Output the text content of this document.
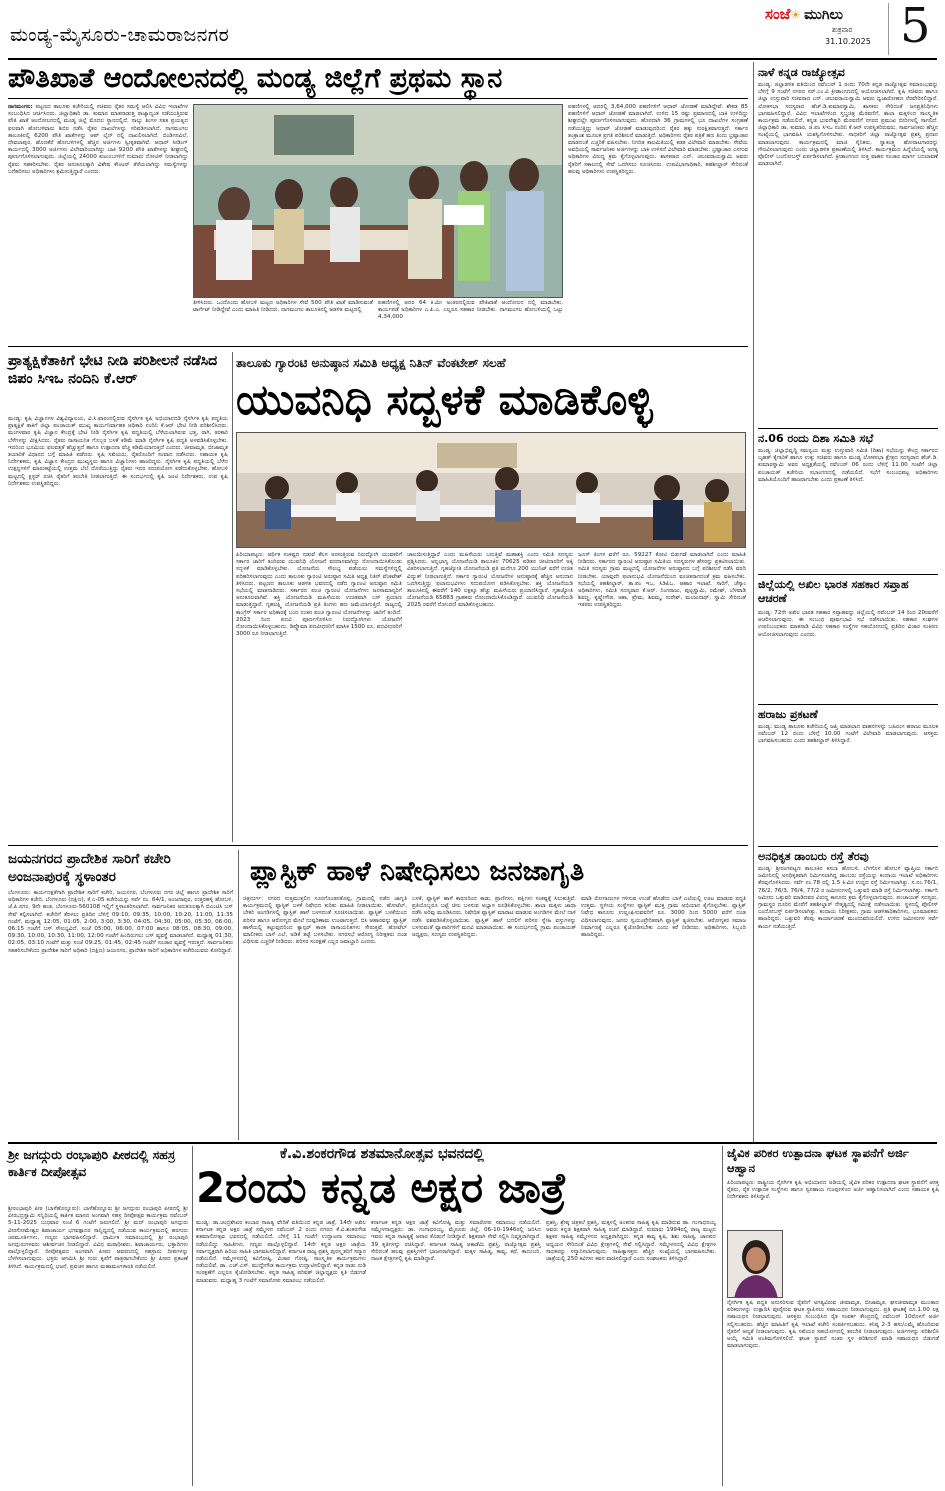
ಮಂಡ್ಯ-ಮೈಸೂರು-ಚಾಮರಾಜನಗರ
ಸಂಜೆ☀ ಮುಗಿಲು
ಶುಕ್ರವಾರ
31.10.2025 5
ಪೌತಿಖಾತೆ ಆಂದೋಲನದಲ್ಲಿ ಮಂಡ್ಯ ಜಿಲ್ಲೆಗೆ ಪ್ರಥಮ ಸ್ಥಾನ
ನಾಗಮಂಗಲ: ಪಟ್ಟಣದ ತಾಲೂಕು ಕಚೇರಿಯಲ್ಲಿ ಸಚಿವರು ರೈತರ ಸಮಸ್ಯೆ ಆಲಿಸಿ ವಿವಿಧ ಇಲಾಖೆಗಳ ಸಂಬಂಧಿಸಿದ ಚರ್ಚಿಸಿದರು. ಜಿಲ್ಲಾಧಿಕಾರಿ ಡಾ. ಕುಮಾರ ಮಾತನಾಡುತ್ತ ರಾಜ್ಯಾದ್ಯಂತ ನಡೆಯುತ್ತಿರುವ ಪೌತಿ ಖಾತೆ ಆಂದೋಲನದಲ್ಲಿ ಮಂಡ್ಯ ಜಿಲ್ಲೆ ಮೊದಲ ಸ್ಥಾನದಲ್ಲಿದೆ. ನಾಲ್ಕು ತಿಂಗಳ ಸತತ ಪ್ರಯತ್ನದ ಫಲವಾಗಿ ಹೋಬಳಿವಾರು ಶಿಬಿರ ನಡೆಸಿ ರೈತರ ದಾಖಲೆಗಳನ್ನು ಸರಿಪಡಿಸಲಾಗಿದೆ. ನಾಗಮಂಗಲ ತಾಲೂಕಿನಲ್ಲಿ 6200 ಪೌತಿ ಖಾತೆಗಳನ್ನು ಆಪ್ ಲೈನ್ ನಲ್ಲಿ ದಾಖಲಿಸಲಾಗಿದೆ. ಬಿಂಡಿಗನವಿಲೆ, ದೇವಲಾಪುರ, ಹೊಣಕೆರೆ ಹೋಬಳಿಗಳಲ್ಲಿ ಹೆಚ್ಚಿನ ಅರ್ಜಿಗಳು ಸ್ವೀಕೃತವಾಗಿವೆ. ಆಧಾರ್ ಸೀಡಿಂಗ್ ಕಾರ್ಯದಲ್ಲಿ 3000 ಅರ್ಜಿಗಳು ವಿಲೇವಾರಿಯಾಗಿದ್ದು ಬಾಕಿ 9200 ಪೌತಿ ಖಾತೆಗಳನ್ನು ಶೀಘ್ರದಲ್ಲಿ ಪೂರ್ಣಗೊಳಿಸಲಾಗುವುದು. ಜಿಲ್ಲೆಯಲ್ಲಿ 24000 ಕುಟುಂಬಗಳಿಗೆ ಸುಮಾರು ನೋಟಿಸ್ ನೀಡಲಾಗಿದ್ದು ರೈತರು ಸಹಕರಿಸಬೇಕು. ರೈತರ ಅನುಕೂಲಕ್ಕಾಗಿ ವಿಶೇಷ ಕೌಂಟರ್ ತೆರೆಯಲಾಗಿದ್ದು ಸಮಸ್ಯೆಗಳನ್ನು ಬಗೆಹರಿಸಲು ಅಧಿಕಾರಿಗಳು ಶ್ರಮಿಸುತ್ತಿದ್ದಾರೆ ಎಂದರು.
ತೀಳಿಸಿದರು. ಒಂದೊಂದು ಹೋಬಳಿ ಮಟ್ಟದ ಅಧಿಕಾರಿಗಳ ಸೇವೆ 500 ಪೌತಿ ಖಾತೆ ಮಾಡಿಸುವಂತೆ ಟಾರ್ಗೆಟ್ ನೀಡಿದ್ದೇವೆ ಎಂದು ಮಾಹಿತಿ ನೀಡಿದರು. ನಾಗಮಂಗಲ ತಾಲೂಕಿನಲ್ಲಿ ಆಡಳಿತ ಮಟ್ಟದಲ್ಲಿ
ಪಹಣಿಗಳಲ್ಲಿ ಆದರ 64 ಕಿ.ಮೀ ಅಂತರದಲ್ಲಿರುವ ಪೌತಿಖಾತೆ ಆಂದೋಲನ ದಲ್ಲಿ ಮಾಡಬೇಕು, ಕಾರ್ಯಪಡೆ ಅಧಿಕಾರಿಗಳ ಎ.ಪಿ.ಎ. ಎಲ್ಲರೂ ಸಹಕಾರ ನೀಡಬೇಕು. ನಾಗಮಂಗಲ ಹೋಬಳಿಯಲ್ಲಿ ಒಟ್ಟು 4,34,000
ಪಹಣಿಗಳಲ್ಲಿ ಆದರಲ್ಲಿ 3,64,000 ಪಹಣಿಗಳಿಗೆ ಆಧಾರ್ ಜೋಡಣೆ ಮಾಡಿದ್ದೇವೆ. ಶೇಕಡ 85 ಪಹಣಿಗಳಿಗೆ ಆಧಾರ್ ಜೋಡಣೆ ಮಾಡಲಾಗಿದೆ. ಉಳಿದ 15 ರಷ್ಟು ಪ್ರಮಾಣದಲ್ಲಿ ಬಾಕಿ ಉಳಿದಿದ್ದು ಶೀಘ್ರದಲ್ಲೇ ಪೂರ್ಣಗೊಳಿಸಲಾಗುವುದು. ಹೊಸದಾಗಿ 36 ಗ್ರಾಮಗಳಲ್ಲಿ ಭೂ ದಾಖಲೆಗಳ ಸಂಗ್ರಹಣೆ ನಡೆಯುತ್ತಿದ್ದು ಆಧಾರ್ ಜೋಡಣೆ ಮಾಡುವುದರಿಂದ ರೈತರ ಹಕ್ಕು ಸುರಕ್ಷಿತವಾಗುತ್ತದೆ. ಸರ್ಕಾರ ತಂತ್ರಾಂಶ ಮೂಲಕ ಪ್ರಗತಿ ಪರಿಶೀಲನೆ ಮಾಡುತ್ತಿದೆ. ಅಧಿಕಾರಿಗಳು ರೈತರ ಪತ್ರಿಕೆ ಹಣ ತಿಂದು ಭ್ರಷ್ಟಾಚಾರ ಮಾಡದಂತೆ ಎಚ್ಚರಿಕೆ ವಹಿಸಬೇಕು. ನಿಗದಿತ ಕಾಲಮಿತಿಯಲ್ಲಿ ಕಡತ ವಿಲೇವಾರಿ ಮಾಡಬೇಕು. ಸೇವೆಯ ಅವಧಿಯಲ್ಲಿ ಸಾರ್ವಜನಿಕರ ಅರ್ಜಿಗಳನ್ನು ಬಾಕಿ ಉಳಿಸದೆ ವಿಲೇವಾರಿ ಮಾಡಬೇಕು. ಭ್ರಷ್ಟಾಚಾರ ಎಸಗುವ ಅಧಿಕಾರಿಗಳ ವಿರುದ್ಧ ಕ್ರಮ ಕೈಗೊಳ್ಳಲಾಗುವುದು. ಶಾಸಕರಾದ ಎನ್. ಚಲುವರಾಯಸ್ವಾಮಿ ಅವರು ರೈತರಿಗೆ ಸಕಾಲದಲ್ಲಿ ಸೇವೆ ಒದಗಿಸಲು ಸೂಚಿಸಿದರು. ಉಪವಿಭಾಗಾಧಿಕಾರಿ, ತಹಶೀಲ್ದಾರ್ ಸೇರಿದಂತೆ ಹಲವು ಅಧಿಕಾರಿಗಳು ಉಪಸ್ಥಿತರಿದ್ದರು.
ನಾಳೆ ಕನ್ನಡ ರಾಜ್ಯೋತ್ಸವ
ಮಂಡ್ಯ: ಜಿಲ್ಲಾಡಳಿತ ವತಿಯಿಂದ ನವೆಂಬರ್ 1 ರಂದು 70ನೇ ಕನ್ನಡ ರಾಜ್ಯೋತ್ಸವ ಸಮಾರಂಭವನ್ನು ಬೆಳಿಗ್ಗೆ 9 ಗಂಟೆಗೆ ನಗರದ ಸರ್.ಎಂ.ವಿ ಕ್ರೀಡಾಂಗಣದಲ್ಲಿ ಆಯೋಜಿಸಲಾಗಿದೆ. ಕೃಷಿ ಸಚಿವರು ಹಾಗೂ ಜಿಲ್ಲಾ ಉಸ್ತುವಾರಿ ಸಚಿವರಾದ ಎನ್. ಚಲುವರಾಯಸ್ವಾಮಿ ಅವರು ಧ್ವಜಾರೋಹಣ ನೆರವೇರಿಸಲಿದ್ದಾರೆ. ಲೋಕಸಭಾ ಸದಸ್ಯರಾದ ಹೆಚ್.ಡಿ.ಕುಮಾರಸ್ವಾಮಿ, ಶಾಸಕರು ಸೇರಿದಂತೆ ಜನಪ್ರತಿನಿಧಿಗಳು ಭಾಗವಹಿಸಲಿದ್ದಾರೆ. ವಿವಿಧ ಇಲಾಖೆಗಳಿಂದ ಸ್ತಬ್ಧಚಿತ್ರ ಮೆರವಣಿಗೆ, ಶಾಲಾ ಮಕ್ಕಳಿಂದ ಸಾಂಸ್ಕೃತಿಕ ಕಾರ್ಯಕ್ರಮ ನಡೆಯಲಿದೆ. ಕನ್ನಡ ಭುವನೇಶ್ವರಿ ಮೆರವಣಿಗೆ ನಗರದ ಪ್ರಮುಖ ಬೀದಿಗಳಲ್ಲಿ ಸಾಗಲಿದೆ. ಜಿಲ್ಲಾಧಿಕಾರಿ ಡಾ. ಕುಮಾರ, ಜಿ.ಪಂ ಸಿಇಒ ನಂದಿನಿ ಕೆ.ಆರ್ ಉಪಸ್ಥಿತರಿರುವರು. ಸಾರ್ವಜನಿಕರು ಹೆಚ್ಚಿನ ಸಂಖ್ಯೆಯಲ್ಲಿ ಭಾಗವಹಿಸಿ ಯಶಸ್ವಿಗೊಳಿಸಬೇಕು. ಸಾಧಕರಿಗೆ ಜಿಲ್ಲಾ ರಾಜ್ಯೋತ್ಸವ ಪ್ರಶಸ್ತಿ ಪ್ರದಾನ ಮಾಡಲಾಗುವುದು. ಕಾರ್ಯಕ್ರಮದಲ್ಲಿ ಮಾಜಿ ಸೈನಿಕರು, ಸ್ವಾತಂತ್ರ್ಯ ಹೋರಾಟಗಾರರನ್ನು ಗೌರವಿಸಲಾಗುವುದು ಎಂದು ಜಿಲ್ಲಾಡಳಿತ ಪ್ರಕಟಣೆಯಲ್ಲಿ ತಿಳಿಸಿದೆ. ಕಾರ್ಯಕ್ರಮದ ಹಿನ್ನೆಲೆಯಲ್ಲಿ ಅಗತ್ಯ ಪೊಲೀಸ್ ಬಂದೋಬಸ್ತ್ ಏರ್ಪಡಿಸಲಾಗಿದೆ. ಕ್ರೀಡಾಂಗಣದ ಸುತ್ತ ವಾಹನ ಸಂಚಾರ ಮಾರ್ಗ ಬದಲಾವಣೆ ಮಾಡಲಾಗಿದೆ.
ನ.06 ರಂದು ದಿಶಾ ಸಮಿತಿ ಸಭೆ
ಮಂಡ್ಯ: ಜಿಲ್ಲಾಭಿವೃದ್ಧಿ ಸಮನ್ವಯ ಮತ್ತು ಉಸ್ತುವಾರಿ ಸಮಿತಿ (ದಿಶಾ) ಸಭೆಯನ್ನು ಕೇಂದ್ರ ಸರ್ಕಾರದ ಬೃಹತ್ ಕೈಗಾರಿಕೆ ಹಾಗೂ ಉಕ್ಕು ಸಚಿವರು ಹಾಗೂ ಮಂಡ್ಯ ಲೋಕಸಭಾ ಕ್ಷೇತ್ರದ ಸದಸ್ಯರಾದ ಹೆಚ್.ಡಿ. ಕುಮಾರಸ್ವಾಮಿ ಅವರ ಅಧ್ಯಕ್ಷತೆಯಲ್ಲಿ ನವೆಂಬರ್ 06 ರಂದು ಬೆಳಿಗ್ಗೆ 11.00 ಗಂಟೆಗೆ ಜಿಲ್ಲಾ ಪಂಚಾಯತ್ ಕಚೇರಿಯ ಸಭಾಂಗಣದಲ್ಲಿ ನಡೆಯಲಿದೆ. ಸಭೆಗೆ ಸಂಬಂಧಪಟ್ಟ ಅಧಿಕಾರಿಗಳು ಮಾಹಿತಿಯೊಂದಿಗೆ ಹಾಜರಾಗಬೇಕು ಎಂದು ಪ್ರಕಟಣೆ ತಿಳಿಸಿದೆ.
ಜಿಲ್ಲೆಯಲ್ಲಿ ಅಖಿಲ ಭಾರತ ಸಹಕಾರ ಸಪ್ತಾಹ ಆಚರಣೆ
ಮಂಡ್ಯ: 72ನೇ ಅಖಿಲ ಭಾರತ ಸಹಕಾರ ಸಪ್ತಾಹವನ್ನು ಜಿಲ್ಲೆಯಲ್ಲಿ ನವೆಂಬರ್ 14 ರಿಂದ 20ರವರೆಗೆ ಆಚರಿಸಲಾಗುವುದು. ಈ ಸಂಬಂಧ ಪೂರ್ವಭಾವಿ ಸಭೆ ನಡೆಸಲಾಯಿತು. ಸಹಕಾರ ಸಂಘಗಳ ಉಪನಿಬಂಧಕರು ಮಾತನಾಡಿ ವಿವಿಧ ಸಹಕಾರ ಸಂಸ್ಥೆಗಳ ಸಹಯೋಗದಲ್ಲಿ ಪ್ರತಿದಿನ ವಿಚಾರ ಸಂಕಿರಣ ಆಯೋಜಿಸಲಾಗುವುದು ಎಂದರು.
ಹರಾಜು ಪ್ರಕಟಣೆ
ಮಂಡ್ಯ: ಮಂಡ್ಯ ತಾಲೂಕು ಕಚೇರಿಯಲ್ಲಿ ಜಪ್ತಿ ಮಾಡಲಾದ ವಾಹನಗಳನ್ನು ಬಹಿರಂಗ ಹರಾಜು ಮೂಲಕ ನವೆಂಬರ್ 12 ರಂದು ಬೆಳಿಗ್ಗೆ 10.00 ಗಂಟೆಗೆ ವಿಲೇವಾರಿ ಮಾಡಲಾಗುವುದು. ಆಸಕ್ತರು ಭಾಗವಹಿಸಬಹುದು ಎಂದು ತಹಶೀಲ್ದಾರ್ ತಿಳಿಸಿದ್ದಾರೆ.
ಅನಧಿಕೃತ ಡಾಂಬರು ರಸ್ತೆ ತೆರವು
ಮಂಡ್ಯ: ಶ್ರೀರಂಗಪಟ್ಟಣ ತಾಲೂಕಿನ ಕಸಬಾ ಹೋಬಳಿ, ಬೆಳಗೊಳ ಹೋಬಳಿ ವ್ಯಾಪ್ತಿಯ ಸರ್ಕಾರಿ ಜಮೀನಿನಲ್ಲಿ ಅನಧಿಕೃತವಾಗಿ ನಿರ್ಮಿಸಲಾಗಿದ್ದ ಡಾಂಬರು ರಸ್ತೆಯನ್ನು ಕಂದಾಯ ಇಲಾಖೆ ಅಧಿಕಾರಿಗಳು ತೆರವುಗೊಳಿಸಿದರು. ಸರ್ವೆ ನಂ.78 ರಲ್ಲಿ 1.5 ಕಿ.ಮೀ ಉದ್ದದ ರಸ್ತೆ ನಿರ್ಮಿಸಲಾಗಿತ್ತು. ಸ.ನಂ.76/1, 76/2, 76/3, 76/4, 77/2 ರ ಜಮೀನುಗಳಲ್ಲಿ ಒತ್ತುವರಿ ಮಾಡಿ ರಸ್ತೆ ನಿರ್ಮಿಸಲಾಗಿತ್ತು. ಸರ್ಕಾರಿ ಜಮೀನು ಒತ್ತುವರಿ ಮಾಡಿದವರ ವಿರುದ್ಧ ಕಾನೂನು ಕ್ರಮ ಕೈಗೊಳ್ಳಲಾಗುವುದು. ಪಂಚಾಯತ್ ಸದಸ್ಯರು, ಗ್ರಾಮಸ್ಥರ ದೂರಿನ ಮೇರೆಗೆ ತಹಶೀಲ್ದಾರ್ ನೇತೃತ್ವದಲ್ಲಿ ಸಮೀಕ್ಷೆ ನಡೆಸಲಾಯಿತು. ಸ್ಥಳದಲ್ಲಿ ಪೊಲೀಸ್ ಬಂದೋಬಸ್ತ್ ಏರ್ಪಡಿಸಲಾಗಿತ್ತು. ಕಂದಾಯ ನಿರೀಕ್ಷಕರು, ಗ್ರಾಮ ಆಡಳಿತಾಧಿಕಾರಿಗಳು, ಭೂಮಾಪಕರು ಹಾಜರಿದ್ದರು. ಒತ್ತುವರಿ ತೆರವು ಕಾರ್ಯಾಚರಣೆ ಮುಂದುವರಿಯಲಿದೆ. ಉಳಿದ ಜಮೀನುಗಳ ಸರ್ವೆ ಕಾರ್ಯ ನಡೆಯುತ್ತಿದೆ.
ಪ್ರಾತ್ಯಕ್ಷಿಕೆತಾಕಿಗೆ ಭೇಟಿ ನೀಡಿ ಪರಿಶೀಲನೆ ನಡೆಸಿದ ಜಿಪಂ ಸಿಇಒ ನಂದಿನಿ ಕೆ.ಆರ್
ಮಂಡ್ಯ: ಕೃಷಿ ವಿಜ್ಞಾನಗಳ ವಿಶ್ವವಿದ್ಯಾಲಯ, ವಿ.ಸಿ.ಫಾರಂನಲ್ಲಿರುವ ನೈಸರ್ಗಿಕ ಕೃಷಿ ಅಭಿಯಾನದಡಿ ನೈಸರ್ಗಿಕ ಕೃಷಿ ಪದ್ಧತಿಯ ಪ್ರಾತ್ಯಕ್ಷಿಕೆ ತಾಕಿಗೆ ಜಿಲ್ಲಾ ಪಂಚಾಯತ್ ಮುಖ್ಯ ಕಾರ್ಯನಿರ್ವಾಹಕ ಅಧಿಕಾರಿ ನಂದಿನಿ ಕೆ.ಆರ್ ಭೇಟಿ ನೀಡಿ ಪರಿಶೀಲಿಸಿದರು. ಮಂಗಳವಾರ ಕೃಷಿ ವಿಜ್ಞಾನ ಕೇಂದ್ರಕ್ಕೆ ಭೇಟಿ ನೀಡಿ ನೈಸರ್ಗಿಕ ಕೃಷಿ ಪದ್ಧತಿಯಲ್ಲಿ ಬೆಳೆಯಲಾಗಿರುವ ಭತ್ತ, ರಾಗಿ, ತರಕಾರಿ ಬೆಳೆಗಳನ್ನು ವೀಕ್ಷಿಸಿದರು. ರೈತರು ರಾಸಾಯನಿಕ ಗೊಬ್ಬರ ಬಳಕೆ ಕಡಿಮೆ ಮಾಡಿ ನೈಸರ್ಗಿಕ ಕೃಷಿ ಪದ್ಧತಿ ಅಳವಡಿಸಿಕೊಳ್ಳಬೇಕು. ಇದರಿಂದ ಭೂಮಿಯ ಫಲವತ್ತತೆ ಹೆಚ್ಚುತ್ತದೆ ಹಾಗೂ ಉತ್ಪಾದನಾ ವೆಚ್ಚ ಕಡಿಮೆಯಾಗುತ್ತದೆ ಎಂದರು. ಜೀವಾಮೃತ, ಬೀಜಾಮೃತ ತಯಾರಿಕೆ ವಿಧಾನದ ಬಗ್ಗೆ ಮಾಹಿತಿ ಪಡೆದರು. ಕೃಷಿ ಸಖಿಯರು, ರೈತರೊಂದಿಗೆ ಸಂವಾದ ನಡೆಸಿದರು. ಸಹಾಯಕ ಕೃಷಿ ನಿರ್ದೇಶಕರು, ಕೃಷಿ ವಿಜ್ಞಾನ ಕೇಂದ್ರದ ಮುಖ್ಯಸ್ಥರು ಹಾಗೂ ವಿಜ್ಞಾನಿಗಳು ಹಾಜರಿದ್ದರು. ನೈಸರ್ಗಿಕ ಕೃಷಿ ಪದ್ಧತಿಯಲ್ಲಿ ಬೆಳೆದ ಉತ್ಪನ್ನಗಳಿಗೆ ಮಾರುಕಟ್ಟೆಯಲ್ಲಿ ಉತ್ತಮ ಬೆಲೆ ದೊರೆಯುತ್ತಿದ್ದು ರೈತರು ಇದರ ಸದುಪಯೋಗ ಪಡೆದುಕೊಳ್ಳಬೇಕು. ಹೋಬಳಿ ಮಟ್ಟದಲ್ಲಿ ಕ್ಲಸ್ಟರ್ ರಚಿಸಿ ರೈತರಿಗೆ ತರಬೇತಿ ನೀಡಲಾಗುತ್ತಿದೆ. ಈ ಸಂದರ್ಭದಲ್ಲಿ ಕೃಷಿ ಜಂಟಿ ನಿರ್ದೇಶಕರು, ಉಪ ಕೃಷಿ ನಿರ್ದೇಶಕರು ಉಪಸ್ಥಿತರಿದ್ದರು.
ತಾಲೂಕು ಗ್ಯಾರಂಟಿ ಅನುಷ್ಠಾನ ಸಮಿತಿ ಅಧ್ಯಕ್ಷ ನಿತಿನ್ ವೆಂಕಟೇಶ್ ಸಲಹೆ
ಯುವನಿಧಿ ಸದ್ಬಳಕೆ ಮಾಡಿಕೊಳ್ಳಿ
ಪಿರಿಯಾಪಟ್ಟಣ: ಆರ್ಥಿಕ ಸಂಕಷ್ಟದ ನಡುವೆ ಕೆಲಸ ಅರಸುತ್ತಿರುವ ನಿರುದ್ಯೋಗಿ ಯುವಕರಿಗೆ ಸರ್ಕಾರ ಜಾರಿಗೆ ತಂದಿರುವ ಯುವನಿಧಿ ಯೋಜನೆ ವರದಾನವಾಗಿದ್ದು ನೋಂದಾಯಿಸಿಕೊಂಡು ಸದ್ಬಳಕೆ ಮಾಡಿಕೊಳ್ಳಬೇಕು. ಯೋಜನೆಯ ಸೌಲಭ್ಯ ಪಡೆಯಲು ಸಮಸ್ಯೆಗಳಿದ್ದಲ್ಲಿ ಪರಿಹರಿಸಲಾಗುವುದು ಎಂದು ತಾಲೂಕು ಗ್ಯಾರಂಟಿ ಅನುಷ್ಠಾನ ಸಮಿತಿ ಅಧ್ಯಕ್ಷ ನಿತಿನ್ ವೆಂಕಟೇಶ್ ತಿಳಿಸಿದರು. ಪಟ್ಟಣದ ತಾಲೂಕು ಆಡಳಿತ ಭವನದಲ್ಲಿ ನಡೆದ ಗ್ಯಾರಂಟಿ ಅನುಷ್ಠಾನ ಸಮಿತಿ ಸಭೆಯಲ್ಲಿ ಮಾತನಾಡಿದರು. ಸರ್ಕಾರದ ಪಂಚ ಗ್ಯಾರಂಟಿ ಯೋಜನೆಗಳು ಜನಸಾಮಾನ್ಯರಿಗೆ ಅನುಕೂಲವಾಗಿವೆ. ಶಕ್ತಿ ಯೋಜನೆಯಡಿ ಮಹಿಳೆಯರು ಉಚಿತವಾಗಿ ಬಸ್ ಪ್ರಯಾಣ ಮಾಡುತ್ತಿದ್ದಾರೆ. ಗೃಹಲಕ್ಷ್ಮಿ ಯೋಜನೆಯಡಿ ಪ್ರತಿ ತಿಂಗಳು ಹಣ ಜಮೆಯಾಗುತ್ತಿದೆ. ರಾಜ್ಯದಲ್ಲಿ ಕಾಂಗ್ರೆಸ್ ಸರ್ಕಾರ ಅಧಿಕಾರಕ್ಕೆ ಬಂದ ನಂತರ ಪಂಚ ಗ್ಯಾರಂಟಿ ಯೋಜನೆಗಳನ್ನು ಜಾರಿಗೆ ತಂದಿದೆ. 2023 ರಿಂದ ಪದವಿ ಪೂರ್ಣಗೊಳಿಸಿದ ನಿರುದ್ಯೋಗಿಗಳು ಯೋಜನೆಗೆ ನೋಂದಾಯಿಸಿಕೊಳ್ಳಬಹುದು. ಡಿಪ್ಲೊಮಾ ಪದವೀಧರರಿಗೆ ಮಾಸಿಕ 1500 ರೂ, ಪದವೀಧರರಿಗೆ 3000 ರೂ ನೀಡಲಾಗುತ್ತಿದೆ.
ಚಾಲಯಿಸುತ್ತಿದ್ದಾರೆ ಎಂದು ಮಹಿಳೆಯರು ಬರುತ್ತಿವೆ ಮಹಾಶಕ್ತಿ ಎಂದು ಸಮಿತಿ ಸದಸ್ಯರು ಪ್ರಶ್ನಿಸಿದರು. ಅನ್ನಭಾಗ್ಯ ಯೋಜನೆಯಡಿ ತಾಲೂಕಿನ 70625 ಪಡಿತರ ಚೀಟಿದಾರರಿಗೆ ಅಕ್ಕಿ ವಿತರಿಸಲಾಗುತ್ತಿದೆ. ಗೃಹಜ್ಯೋತಿ ಯೋಜನೆಯಡಿ ಪ್ರತಿ ಮನೆಗೂ 200 ಯುನಿಟ್ ವರೆಗೆ ಉಚಿತ ವಿದ್ಯುತ್ ನೀಡಲಾಗುತ್ತಿದೆ. ಸರ್ಕಾರ ಗ್ಯಾರಂಟಿ ಯೋಜನೆಗಳ ಅನುಷ್ಠಾನಕ್ಕೆ ಹೆಚ್ಚಿನ ಅನುದಾನ ಒದಗಿಸುತ್ತಿದ್ದು ಫಲಾನುಭವಿಗಳು ಸದುಪಯೋಗ ಪಡಿಸಿಕೊಳ್ಳಬೇಕು. ಶಕ್ತಿ ಯೋಜನೆಯಡಿ ತಾಲೂಕಿನಲ್ಲಿ ಈವರೆಗೆ 140 ಲಕ್ಷಕ್ಕೂ ಹೆಚ್ಚು ಮಹಿಳೆಯರು ಪ್ರಯಾಣಿಸಿದ್ದಾರೆ. ಗೃಹಜ್ಯೋತಿ ಯೋಜನೆಯಡಿ 65883 ಗ್ರಾಹಕರು ನೋಂದಾಯಿಸಿಕೊಂಡಿದ್ದಾರೆ. ಯುವನಿಧಿ ಯೋಜನೆಯಡಿ 2025 ರವರೆಗೆ ನೋಂದಣಿ ಮಾಡಿಕೊಳ್ಳಬಹುದು.
ಜೂನ್ ತಿಂಗಳ ವರೆಗೆ ರೂ. 59227 ಕೋಟಿ ಬಿಡುಗಡೆ ಮಾಡಲಾಗಿದೆ ಎಂದು ಮಾಹಿತಿ ನೀಡಿದರು. ಸರ್ಕಾರದ ಗ್ಯಾರಂಟಿ ಅನುಷ್ಠಾನ ಸಮಿತಿಯ ಸದಸ್ಯರುಗಳ ಹೆಸರನ್ನು ಪ್ರಕಟಿಸಲಾಯಿತು. ಸಮಿತಿ ಸದಸ್ಯರು ಗ್ರಾಮ ಮಟ್ಟದಲ್ಲಿ ಯೋಜನೆಗಳ ಅನುಷ್ಠಾನದ ಬಗ್ಗೆ ಪರಿಶೀಲನೆ ನಡೆಸಿ ವರದಿ ನೀಡಬೇಕು. ಯಾವುದೇ ಫಲಾನುಭವಿ ಯೋಜನೆಯಿಂದ ವಂಚಿತರಾಗದಂತೆ ಕ್ರಮ ವಹಿಸಬೇಕು. ಸಭೆಯಲ್ಲಿ ತಹಶೀಲ್ದಾರ್, ತಾ.ಪಂ ಇಒ, ಸಿಡಿಪಿಒ, ಆಹಾರ ಇಲಾಖೆ, ಸಾರಿಗೆ, ಚೆಸ್ಕಾಂ ಅಧಿಕಾರಿಗಳು, ಸಮಿತಿ ಸದಸ್ಯರಾದ ಕೆ.ಆರ್. ನಿಂಗರಾಜು, ಪುಟ್ಟಸ್ವಾಮಿ, ರಮೇಶ್, ಬೆಳವಾಡಿ ಶಿವಣ್ಣ, ಕೃಷ್ಣೇಗೌಡ, ಆಶಾ, ಪ್ರೇಮ, ಶಿವಮ್ಮ, ಸುರೇಶ್, ಮಂಜುನಾಥ್, ಸ್ವಾಮಿ ಸೇರಿದಂತೆ ಇತರರು ಉಪಸ್ಥಿತರಿದ್ದರು.
ಜಯನಗರದ ಪ್ರಾದೇಶಿಕ ಸಾರಿಗೆ ಕಚೇರಿ ಅಂಜನಾಪುರಕ್ಕೆ ಸ್ಥಳಾಂತರ
ಬೆಂಗಳೂರು: ಕಾರ್ಯದಕ್ಷತೆಗಾಗಿ ಪ್ರಾದೇಶಿಕ ಸಾರಿಗೆ ಕಚೇರಿ, ಜಯನಗರ, ಬೆಂಗಳೂರು ನಗರ ಜಿಲ್ಲೆ ಹಾಗೂ ಪ್ರಾದೇಶಿಕ ಸಾರಿಗೆ ಅಧಿಕಾರಿಗಳ ಕಚೇರಿ, ಬೆಂಗಳೂರು (ದಕ್ಷಿಣ), ಕೆ.ಎ-05 ಕಚೇರಿಯನ್ನು ಸರ್ವೆ ನಂ. 64/1, ಅಂಜನಾಪುರ, ಉತ್ತರಹಳ್ಳಿ ಹೋಬಳಿ, ಜೆ.ಪಿ.ನಗರ, 9ನೇ ಹಂತ, ಬೆಂಗಳೂರು-560108 ಇಲ್ಲಿಗೆ ಸ್ಥಳಾಂತರಿಸಲಾಗಿದೆ. ಸಾರ್ವಜನಿಕರ ಅನುಕೂಲಕ್ಕಾಗಿ ಬಿಎಂಟಿಸಿ ಬಸ್ ಸೇವೆ ಕಲ್ಪಿಸಲಾಗಿದೆ. ಕಚೇರಿಗೆ ತೆರಳಲು ಪ್ರತಿದಿನ ಬೆಳಿಗ್ಗೆ 09:10, 09:35, 10:00, 10:20, 11:00, 11:35 ಗಂಟೆಗೆ, ಮಧ್ಯಾಹ್ನ 12:05, 01:05, 2:00, 3:00, 3:30, 04:05, 04:30, 05:00, 05:30, 06:00, 06:15 ಗಂಟೆಗೆ ಬಸ್ ಸೌಲಭ್ಯವಿದೆ. ಸಂಜೆ 05:00, 06:00, 07:00 ಹಾಗೂ 08:05, 08:30, 09:00, 09:30, 10:00, 10:30, 11:00, 12:00 ಗಂಟೆಗೆ ಹಿಂದಿರುಗಲು ಬಸ್ ವ್ಯವಸ್ಥೆ ಮಾಡಲಾಗಿದೆ. ಮಧ್ಯಾಹ್ನ 01:30, 02:05, 03:10 ಗಂಟೆಗೆ ಮತ್ತು ಸಂಜೆ 09:25, 01:45, 02:45 ಗಂಟೆಗೆ ಸಂಚಾರ ವ್ಯವಸ್ಥೆ ಇರುತ್ತದೆ. ಸಾರ್ವಜನಿಕರು ಸಹಕರಿಸಬೇಕೆಂದು ಪ್ರಾದೇಶಿಕ ಸಾರಿಗೆ ಅಧಿಕಾರಿ (ದಕ್ಷಿಣ) ಜಯನಗರ, ಪ್ರಾದೇಶಿಕ ಸಾರಿಗೆ ಅಧಿಕಾರಿಗಳ ಕಚೇರಿಯವರು ಕೋರಿದ್ದಾರೆ.
ಪ್ಲಾಸ್ಟಿಕ್ ಹಾಳೆ ನಿಷೇಧಿಸಲು ಜನಜಾಗೃತಿ
ಚಿತ್ರದುರ್ಗ: ನಗರದ ಸುತ್ತಮುತ್ತಲಿನ ಸೂರಗೊಂಡನಕೊಪ್ಪ, ಗ್ರಾಮದಲ್ಲಿ ನಡೆದ ಜಾಗೃತಿ ಕಾರ್ಯಕ್ರಮದಲ್ಲಿ ಪ್ಲಾಸ್ಟಿಕ್ ಬಳಕೆ ನಿಷೇಧದ ಕುರಿತು ಮಾಹಿತಿ ನೀಡಲಾಯಿತು. ಹೋಟೆಲ್, ಬೇಕರಿ ಅಂಗಡಿಗಳಲ್ಲಿ ಪ್ಲಾಸ್ಟಿಕ್ ಹಾಳೆ ಬಳಸದಂತೆ ಸೂಚಿಸಲಾಯಿತು. ಪ್ಲಾಸ್ಟಿಕ್ ಬಳಕೆಯಿಂದ ಪರಿಸರ ಹಾಗೂ ಆರೋಗ್ಯದ ಮೇಲೆ ದುಷ್ಪರಿಣಾಮ ಉಂಟಾಗುತ್ತದೆ. ಬಿಸಿ ಆಹಾರವನ್ನು ಪ್ಲಾಸ್ಟಿಕ್ ಹಾಳೆಯಲ್ಲಿ ಕಟ್ಟುವುದರಿಂದ ಕ್ಯಾನ್ಸರ್ ಕಾರಕ ರಾಸಾಯನಿಕಗಳು ಸೇರುತ್ತವೆ. ಹೋಟೆಲ್ ಮಾಲೀಕರು ಬಾಳೆ ಎಲೆ, ಅಡಿಕೆ ತಟ್ಟೆ ಬಳಸಬೇಕು. ನಗರಸಭೆ ಆರೋಗ್ಯ ನಿರೀಕ್ಷಕರು ದಂಡ ವಿಧಿಸುವ ಎಚ್ಚರಿಕೆ ನೀಡಿದರು. ಪರಿಸರ ಸಂರಕ್ಷಣೆ ಎಲ್ಲರ ಜವಾಬ್ದಾರಿ ಎಂದರು.
ಬಳಕೆ, ಪ್ಲಾಸ್ಟಿಕ್ ಹಾಳೆ ಕಾರಣದಿಂದ ಕಾಡು, ಪ್ರಾಣಿಗಳು, ಪಕ್ಷಿಗಳು ಸಂಕಷ್ಟಕ್ಕೆ ಸಿಲುಕುತ್ತಿವೆ. ಪ್ರತಿಯೊಬ್ಬರೂ ಬಟ್ಟೆ ಚೀಲ ಬಳಸುವ ಅಭ್ಯಾಸ ರೂಢಿಸಿಕೊಳ್ಳಬೇಕು. ಶಾಲಾ ಮಕ್ಕಳು ಜಾಥಾ ನಡೆಸಿ ಅರಿವು ಮೂಡಿಸಿದರು. ನಿಷೇಧಿತ ಪ್ಲಾಸ್ಟಿಕ್ ಮಾರಾಟ ಮಾಡುವ ಅಂಗಡಿಗಳ ಮೇಲೆ ದಾಳಿ ನಡೆಸಿ ವಶಪಡಿಸಿಕೊಳ್ಳಲಾಯಿತು. ಪ್ಲಾಸ್ಟಿಕ್ ಹಾಳೆ ಬದಲಿಗೆ ಪರಿಸರ ಸ್ನೇಹಿ ವಸ್ತುಗಳನ್ನು ಬಳಸುವಂತೆ ವ್ಯಾಪಾರಿಗಳಿಗೆ ಮನವಿ ಮಾಡಲಾಯಿತು. ಈ ಸಂದರ್ಭದಲ್ಲಿ ಗ್ರಾಮ ಪಂಚಾಯತ್ ಅಧ್ಯಕ್ಷರು, ಸದಸ್ಯರು ಉಪಸ್ಥಿತರಿದ್ದರು.
ಮಾಡಿ ರೋಗಾಣುಗಳ ಗಳಿಸುವ ಉಂಡೆ ಹೊಡೆದು ಬಾಳೆ ಎಲೆಯಲ್ಲಿ ಊಟ ಮಾಡುವ ಪದ್ಧತಿ ಉತ್ತಮ. ಸ್ಥಳೀಯ ಸಂಸ್ಥೆಗಳು ಪ್ಲಾಸ್ಟಿಕ್ ಮುಕ್ತ ಗ್ರಾಮ ಅಭಿಯಾನ ಕೈಗೊಳ್ಳಬೇಕು. ಪ್ಲಾಸ್ಟಿಕ್ ನಿಷೇಧ ಕಾನೂನು ಉಲ್ಲಂಘಿಸುವವರಿಗೆ ರೂ. 3000 ರಿಂದ 5000 ವರೆಗೆ ದಂಡ ವಿಧಿಸಲಾಗುವುದು. ಜನರು ಸ್ವಯಂಪ್ರೇರಿತರಾಗಿ ಪ್ಲಾಸ್ಟಿಕ್ ತ್ಯಜಿಸಬೇಕು. ಆರೋಗ್ಯಕರ ಸಮಾಜ ನಿರ್ಮಾಣಕ್ಕೆ ಎಲ್ಲರೂ ಕೈಜೋಡಿಸಬೇಕು ಎಂದು ಕರೆ ನೀಡಿದರು. ಅಧಿಕಾರಿಗಳು, ಸಿಬ್ಬಂದಿ ಹಾಜರಿದ್ದರು.
ಶ್ರೀ ಜಗದ್ಗುರು ರಂಭಾಪುರಿ ಪೀಠದಲ್ಲಿ ಸಹಸ್ರ ಕಾರ್ತಿಕ ದೀಪೋತ್ಸವ
ಶ್ರೀರಂಭಾಪುರಿ ಪೀಠ (ಬಾಳೆಹೊನ್ನೂರು): ಬಾಳೆಹೊನ್ನೂರು ಶ್ರೀ ಜಗದ್ಗುರು ರಂಭಾಪುರಿ ಪೀಠದಲ್ಲಿ ಶ್ರೀ ವೀರಭದ್ರಸ್ವಾಮಿ ಸನ್ನಿಧಿಯಲ್ಲಿ ಕಾರ್ತಿಕ ಮಾಸದ ಅಂಗವಾಗಿ ಸಹಸ್ರ ದೀಪೋತ್ಸವ ಕಾರ್ಯಕ್ರಮ ನವೆಂಬರ್ 5-11-2025 ಬುಧವಾರ ಸಂಜೆ 6 ಗಂಟೆಗೆ ಜರುಗಲಿದೆ. ಶ್ರೀ ಮದ್ ರಂಭಾಪುರಿ ಜಗದ್ಗುರು ವೀರಸೋಮೇಶ್ವರ ಶಿವಾಚಾರ್ಯ ಭಗವತ್ಪಾದರ ಸಾನ್ನಿಧ್ಯದಲ್ಲಿ ನಡೆಯುವ ಕಾರ್ಯಕ್ರಮದಲ್ಲಿ ಹರಗುರು ಚರಮೂರ್ತಿಗಳು, ಗಣ್ಯರು ಭಾಗವಹಿಸಲಿದ್ದಾರೆ. ಧಾರ್ಮಿಕ ಸಮಾರಂಭದಲ್ಲಿ ಶ್ರೀ ರಂಭಾಪುರಿ ಜಗದ್ಗುರುಗಳವರು ಆಶೀರ್ವಚನ ನೀಡಲಿದ್ದಾರೆ. ವಿವಿಧ ಮಠಾಧೀಶರು, ಶಿವಾಚಾರ್ಯರು, ಭಕ್ತಾದಿಗಳು ಪಾಲ್ಗೊಳ್ಳಲಿದ್ದಾರೆ. ದೀಪೋತ್ಸವದ ಅಂಗವಾಗಿ ಪೀಠದ ಆವರಣದಲ್ಲಿ ಸಹಸ್ರಾರು ದೀಪಗಳನ್ನು ಬೆಳಗಿಸಲಾಗುವುದು. ಭಕ್ತರು ಆಗಮಿಸಿ ಶ್ರೀ ಗುರು ಕೃಪೆಗೆ ಪಾತ್ರರಾಗಬೇಕೆಂದು ಶ್ರೀ ಪೀಠದ ಪ್ರಕಟಣೆ ತಿಳಿಸಿದೆ. ಕಾರ್ಯಕ್ರಮದಲ್ಲಿ ಭಜನೆ, ಪ್ರವಚನ ಹಾಗೂ ಮಹಾಮಂಗಳಾರತಿ ನಡೆಯಲಿದೆ.
ಕೆ.ವಿ.ಶಂಕರಗೌಡ ಶತಮಾನೋತ್ಸವ ಭವನದಲ್ಲಿ
2ರಂದು ಕನ್ನಡ ಅಕ್ಷರ ಜಾತ್ರೆ
ಮಂಡ್ಯ: ಡಾ.ಚಂದ್ರಶೇಖರ ಕಂಬಾರ ಸಾಹಿತ್ಯ ವೇದಿಕೆ ವತಿಯಿಂದ ಕನ್ನಡ ಜಾತ್ರೆ, 14ನೇ ಅಖಿಲ ಕರ್ನಾಟಕ ಕನ್ನಡ ಅಕ್ಷರ ಜಾತ್ರೆ ಸಮ್ಮೇಳನ ನವೆಂಬರ್ 2 ರಂದು ನಗರದ ಕೆ.ವಿ.ಶಂಕರಗೌಡ ಶತಮಾನೋತ್ಸವ ಭವನದಲ್ಲಿ ನಡೆಯಲಿದೆ. ಬೆಳಿಗ್ಗೆ 11 ಗಂಟೆಗೆ ಉದ್ಘಾಟನಾ ಸಮಾರಂಭ ನಡೆಯಲಿದ್ದು ಸಾಹಿತಿಗಳು, ಗಣ್ಯರು ಪಾಲ್ಗೊಳ್ಳಲಿದ್ದಾರೆ. 14ನೇ ಕನ್ನಡ ಅಕ್ಷರ ಜಾತ್ರೆಯ ಸರ್ವಾಧ್ಯಕ್ಷರಾಗಿ ಹಿರಿಯ ಸಾಹಿತಿ ಭಾಗವಹಿಸಲಿದ್ದಾರೆ. ಕರ್ನಾಟಕ ರಾಜ್ಯ ಪ್ರಶಸ್ತಿ ಪುರಸ್ಕೃತರಿಗೆ ಸನ್ಮಾನ ನಡೆಯಲಿದೆ. ಸಮ್ಮೇಳನದಲ್ಲಿ ಕವಿಗೋಷ್ಠಿ, ವಿಚಾರ ಗೋಷ್ಠಿ, ಸಾಂಸ್ಕೃತಿಕ ಕಾರ್ಯಕ್ರಮಗಳು ನಡೆಯಲಿವೆ. ಡಾ. ಎಚ್.ಎಸ್. ಮುದ್ದೇಗೌಡ ಕಾರ್ಯಕ್ರಮ ಉದ್ಘಾಟಿಸಲಿದ್ದಾರೆ. ಕನ್ನಡ ನಾಡು ನುಡಿ ಸಂರಕ್ಷಣೆಗೆ ಎಲ್ಲರೂ ಕೈಜೋಡಿಸಬೇಕು. ಕನ್ನಡ ಸಾಹಿತ್ಯ ಪರಿಷತ್ ಜಿಲ್ಲಾಧ್ಯಕ್ಷರು ಕೃತಿ ಬಿಡುಗಡೆ ಮಾಡುವರು. ಮಧ್ಯಾಹ್ನ 3 ಗಂಟೆಗೆ ಸಮಾರೋಪ ಸಮಾರಂಭ ನಡೆಯಲಿದೆ.
ಕರ್ನಾಟಕ ಕನ್ನಡ ಅಕ್ಷರ ಜಾತ್ರೆ ಕವಿಗೋಷ್ಠಿ ಮತ್ತು ಸಮಾರೋಪ ಸಮಾರಂಭ ನಡೆಯಲಿದೆ. ಸಮ್ಮೇಳನಾಧ್ಯಕ್ಷರು: ಡಾ. ಗಂಗಾಧರಯ್ಯ, ಮೈಸೂರು ಜಿಲ್ಲೆ, 06-10-1946ರಲ್ಲಿ ಜನಿಸಿದ ಇವರು ಕನ್ನಡ ಸಾಹಿತ್ಯಕ್ಕೆ ಅಪಾರ ಕೊಡುಗೆ ನೀಡಿದ್ದಾರೆ. ಶಿಕ್ಷಕರಾಗಿ ಸೇವೆ ಸಲ್ಲಿಸಿ ನಿವೃತ್ತರಾಗಿದ್ದಾರೆ. 39 ಕೃತಿಗಳನ್ನು ರಚಿಸಿದ್ದಾರೆ. ಕರ್ನಾಟಕ ಸಾಹಿತ್ಯ ಅಕಾಡೆಮಿ ಪ್ರಶಸ್ತಿ, ರಾಜ್ಯೋತ್ಸವ ಪ್ರಶಸ್ತಿ ಸೇರಿದಂತೆ ಹಲವು ಪ್ರಶಸ್ತಿಗಳಿಗೆ ಭಾಜನರಾಗಿದ್ದಾರೆ. ಮಕ್ಕಳ ಸಾಹಿತ್ಯ, ಕಾವ್ಯ, ಕಥೆ, ಕಾದಂಬರಿ, ನಾಟಕ ಕ್ಷೇತ್ರಗಳಲ್ಲಿ ಕೃಷಿ ಮಾಡಿದ್ದಾರೆ.
ಪ್ರಶಸ್ತಿ, ಶ್ರೇಷ್ಠ ಚಿತ್ರಕಲೆ ಪ್ರಶಸ್ತಿ, ಮಕ್ಕಳಲ್ಲಿ ಅಂಕನವ ಸಾಹಿತ್ಯ ಕೃಷಿ ಮಾಡಿರುವ ಡಾ. ಗಂಗಾಧರಯ್ಯ ಅವರು ಕನ್ನಡ ಶಿಕ್ಷಕರಾಗಿ ಸಾಹಿತ್ಯ ರಚನೆ ಮಾಡಿದ್ದಾರೆ. ಸುಮಾರು 1994ರಲ್ಲಿ ರಾಜ್ಯ ಮಟ್ಟದ ಶಿಕ್ಷಕರ ಸಾಹಿತ್ಯ ಸಮ್ಮೇಳನದ ಅಧ್ಯಕ್ಷರಾಗಿದ್ದರು. ಕನ್ನಡ ಕಾವ್ಯ ಕೃಷಿ, ಶಿಶು ಸಾಹಿತ್ಯ, ಜಾನಪದ ಅಧ್ಯಯನ ಸೇರಿದಂತೆ ವಿವಿಧ ಕ್ಷೇತ್ರಗಳಲ್ಲಿ ಸೇವೆ ಸಲ್ಲಿಸಿದ್ದಾರೆ. ಸಮ್ಮೇಳನದಲ್ಲಿ ವಿವಿಧ ಕ್ಷೇತ್ರಗಳ ಸಾಧಕರನ್ನು ಸನ್ಮಾನಿಸಲಾಗುವುದು. ಸಾಹಿತ್ಯಾಸಕ್ತರು ಹೆಚ್ಚಿನ ಸಂಖ್ಯೆಯಲ್ಲಿ ಭಾಗವಹಿಸಬೇಕು. ಜಾತ್ರೆಯಲ್ಲಿ 250 ಕವಿಗಳು ಕವನ ವಾಚಿಸಲಿದ್ದಾರೆ ಎಂದು ಸಂಘಟಕರು ತಿಳಿಸಿದ್ದಾರೆ.
ಜೈವಿಕ ಪರಿಕರ ಉತ್ಪಾದನಾ ಘಟಕ ಸ್ಥಾಪನೆಗೆ ಅರ್ಜಿ ಆಹ್ವಾನ
ಪಿರಿಯಾಪಟ್ಟಣ: ರಾಷ್ಟ್ರೀಯ ನೈಸರ್ಗಿಕ ಕೃಷಿ ಅಭಿಯಾನದ ಅಡಿಯಲ್ಲಿ ಜೈವಿಕ ಪರಿಕರ ಉತ್ಪಾದನಾ ಘಟಕ ಸ್ಥಾಪನೆಗೆ ಆಸಕ್ತ ರೈತರು, ರೈತ ಉತ್ಪಾದಕ ಸಂಸ್ಥೆಗಳು ಹಾಗೂ ಸ್ವಸಹಾಯ ಗುಂಪುಗಳಿಂದ ಅರ್ಜಿ ಆಹ್ವಾನಿಸಲಾಗಿದೆ ಎಂದು ಸಹಾಯಕ ಕೃಷಿ ನಿರ್ದೇಶಕರು ತಿಳಿಸಿದ್ದಾರೆ.
ನೈಸರ್ಗಿಕ ಕೃಷಿ ಪದ್ಧತಿ ಅನುಸರಿಸುವ ರೈತರಿಗೆ ಅಗತ್ಯವಿರುವ ಜೀವಾಮೃತ, ಬೀಜಾಮೃತ, ಘನಜೀವಾಮೃತ ಮುಂತಾದ ಪರಿಕರಗಳನ್ನು ಉತ್ಪಾದಿಸಿ ಪೂರೈಸುವ ಘಟಕ ಸ್ಥಾಪಿಸಲು ಸಹಾಯಧನ ನೀಡಲಾಗುವುದು. ಪ್ರತಿ ಘಟಕಕ್ಕೆ ರೂ.1.00 ಲಕ್ಷ ಸಹಾಯಧನ ನೀಡಲಾಗುವುದು. ಆಸಕ್ತರು ಸಂಬಂಧಿಸಿದ ರೈತ ಸಂಪರ್ಕ ಕೇಂದ್ರದಲ್ಲಿ ನವೆಂಬರ್ 10ರೊಳಗೆ ಅರ್ಜಿ ಸಲ್ಲಿಸಬಹುದು. ಹೆಚ್ಚಿನ ಮಾಹಿತಿಗೆ ಕೃಷಿ ಇಲಾಖೆ ಕಚೇರಿ ಸಂಪರ್ಕಿಸಬಹುದು. ಕನಿಷ್ಠ 2-3 ಹಸು/ಎಮ್ಮೆ ಹೊಂದಿರುವ ರೈತರಿಗೆ ಆದ್ಯತೆ ನೀಡಲಾಗುವುದು. ಕೃಷಿ ಸಖಿಯರ ಸಹಯೋಗದಲ್ಲಿ ತರಬೇತಿ ನೀಡಲಾಗುವುದು. ಅರ್ಜಿಗಳನ್ನು ಪರಿಶೀಲಿಸಿ ಆಯ್ಕೆ ಸಮಿತಿ ಅಂತಿಮಗೊಳಿಸಲಿದೆ. ಘಟಕ ಸ್ಥಾಪನೆ ನಂತರ ಸ್ಥಳ ಪರಿಶೀಲನೆ ಮಾಡಿ ಸಹಾಯಧನ ಬಿಡುಗಡೆ ಮಾಡಲಾಗುವುದು.
